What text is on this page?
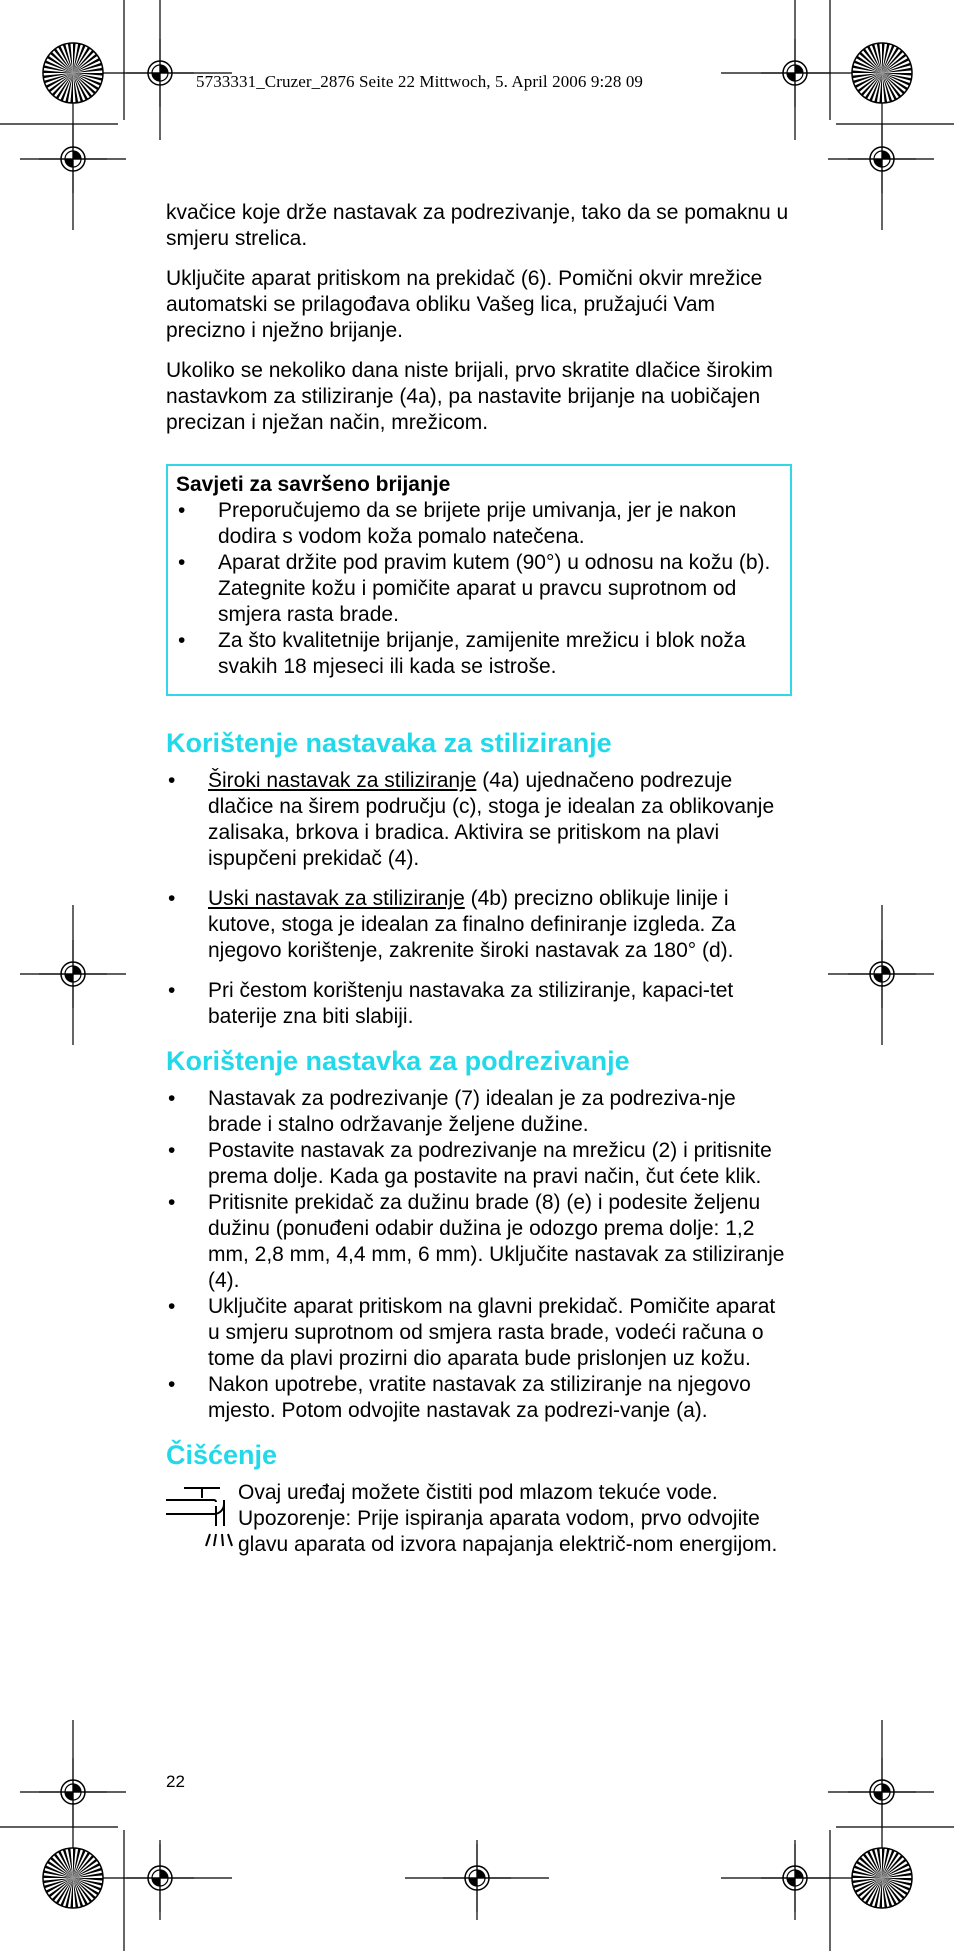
5733331_Cruzer_2876 Seite 22 Mittwoch, 5. April 2006 9:28 09

kvačice koje drže nastavak za podrezivanje, tako da se pomaknu u smjeru strelica.

Uključite aparat pritiskom na prekidač (6). Pomični okvir mrežice automatski se prilagođava obliku Vašeg lica, pružajući Vam precizno i nježno brijanje.

Ukoliko se nekoliko dana niste brijali, prvo skratite dlačice širokim nastavkom za stiliziranje (4a), pa nastavite brijanje na uobičajen precizan i nježan način, mrežicom.

Savjeti za savršeno brijanje
• Preporučujemo da se brijete prije umivanja, jer je nakon dodira s vodom koža pomalo natečena.
• Aparat držite pod pravim kutem (90°) u odnosu na kožu (b). Zategnite kožu i pomičite aparat u pravcu suprotnom od smjera rasta brade.
• Za što kvalitetnije brijanje, zamijenite mrežicu i blok noža svakih 18 mjeseci ili kada se istroše.
Korištenje nastavaka za stiliziranje
• Široki nastavak za stiliziranje (4a) ujednačeno podrezuje dlačice na širem području (c), stoga je idealan za oblikovanje zalisaka, brkova i bradica. Aktivira se pritiskom na plavi ispupčeni prekidač (4).
• Uski nastavak za stiliziranje (4b) precizno oblikuje linije i kutove, stoga je idealan za finalno definiranje izgleda. Za njegovo korištenje, zakrenite široki nastavak za 180° (d).
• Pri čestom korištenju nastavaka za stiliziranje, kapaci-tet baterije zna biti slabiji.
Korištenje nastavka za podrezivanje
• Nastavak za podrezivanje (7) idealan je za podreziva-nje brade i stalno održavanje željene dužine.
• Postavite nastavak za podrezivanje na mrežicu (2) i pritisnite prema dolje. Kada ga postavite na pravi način, čut ćete klik.
• Pritisnite prekidač za dužinu brade (8) (e) i podesite željenu dužinu (ponuđeni odabir dužina je odozgo prema dolje: 1,2 mm, 2,8 mm, 4,4 mm, 6 mm). Uključite nastavak za stiliziranje (4).
• Uključite aparat pritiskom na glavni prekidač. Pomičite aparat u smjeru suprotnom od smjera rasta brade, vodeći računa o tome da plavi prozirni dio aparata bude prislonjen uz kožu.
• Nakon upotrebe, vratite nastavak za stiliziranje na njegovo mjesto. Potom odvojite nastavak za podrezi-vanje (a).
Čišćenje
Ovaj uređaj možete čistiti pod mlazom tekuće vode. Upozorenje: Prije ispiranja aparata vodom, prvo odvojite glavu aparata od izvora napajanja električ-nom energijom.
22
